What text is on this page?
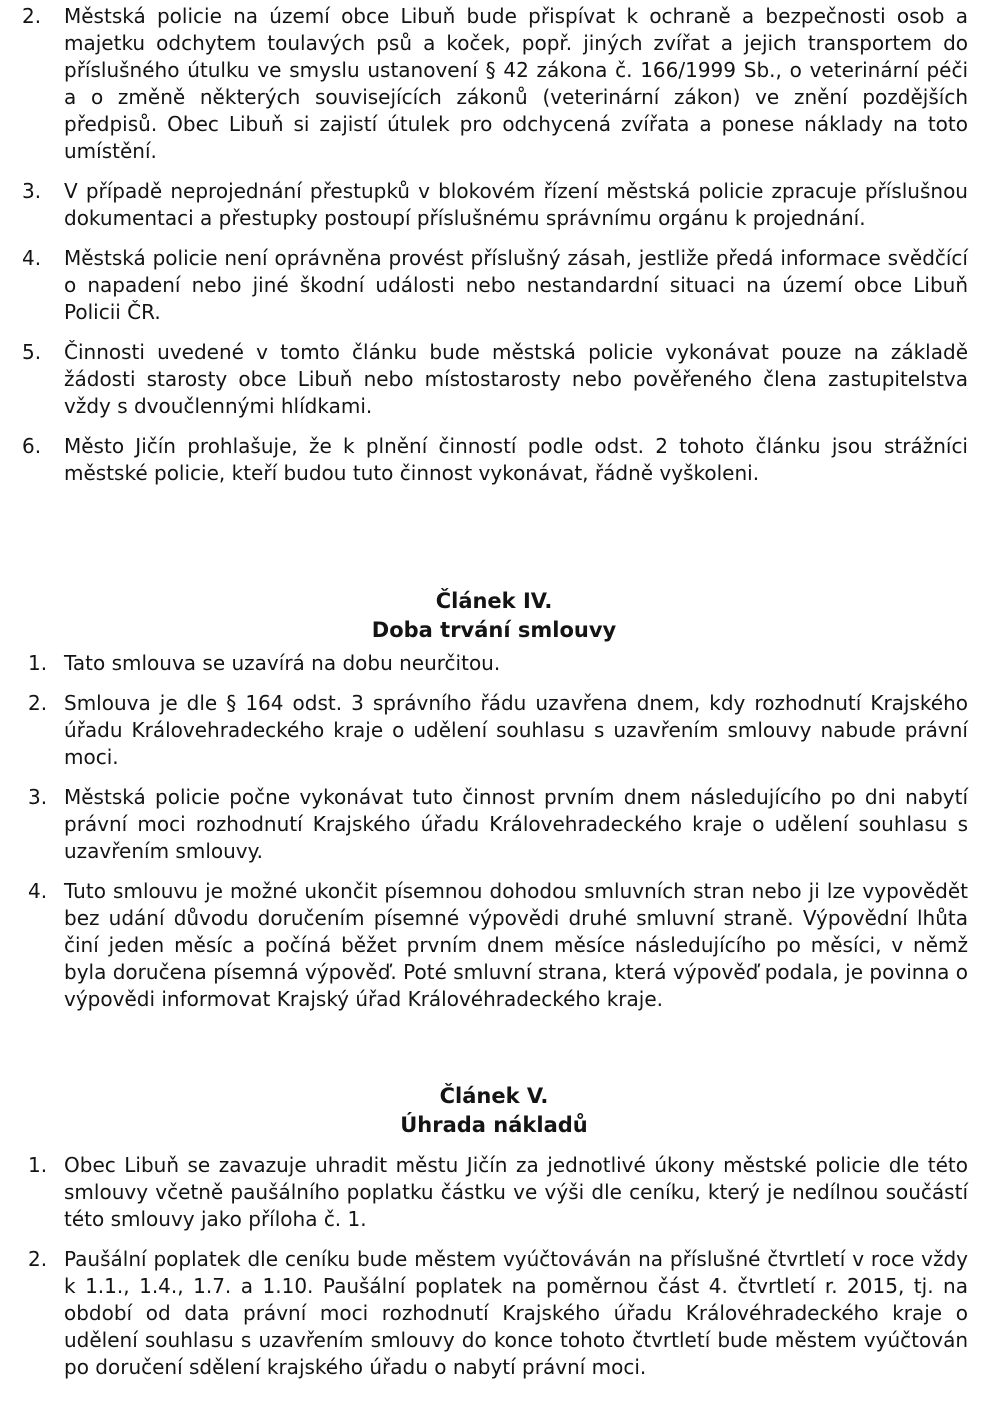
2.	Městská policie na území obce Libuň bude přispívat k ochraně a bezpečnosti osob a majetku odchytem toulavých psů a koček, popř. jiných zvířat a jejich transportem do příslušného útulku ve smyslu ustanovení § 42 zákona č. 166/1999 Sb., o veterinární péči a o změně některých souvisejících zákonů (veterinární zákon) ve znění pozdějších předpisů. Obec Libuň si zajistí útulek pro odchycená zvířata a ponese náklady na toto umístění.
3.	V případě neprojednání přestupků v blokovém řízení městská policie zpracuje příslušnou dokumentaci a přestupky postoupí příslušnému správnímu orgánu k projednání.
4.	Městská policie není oprávněna provést příslušný zásah, jestliže předá informace svědčící o napadení nebo jiné škodní události nebo nestandardní situaci na území obce Libuň Policii ČR.
5.	Činnosti uvedené v tomto článku bude městská policie vykonávat pouze na základě žádosti starosty obce Libuň nebo místostarosty nebo pověřeného člena zastupitelstva vždy s dvoučlennými hlídkami.
6.	Město Jičín prohlašuje, že k plnění činností podle odst. 2 tohoto článku jsou strážníci městské policie, kteří budou tuto činnost vykonávat, řádně vyškoleni.
Článek IV.
Doba trvání smlouvy
1. Tato smlouva se uzavírá na dobu neurčitou.
2. Smlouva je dle § 164 odst. 3 správního řádu uzavřena dnem, kdy rozhodnutí Krajského úřadu Královehradeckého kraje o udělení souhlasu s uzavřením smlouvy nabude právní moci.
3. Městská policie počne vykonávat tuto činnost prvním dnem následujícího po dni nabytí právní moci rozhodnutí Krajského úřadu Královehradeckého kraje o udělení souhlasu s uzavřením smlouvy.
4. Tuto smlouvu je možné ukončit písemnou dohodou smluvních stran nebo ji lze vypovědět bez udání důvodu doručením písemné výpovědi druhé smluvní straně. Výpovědní lhůta činí jeden měsíc a počíná běžet prvním dnem měsíce následujícího po měsíci, v němž byla doručena písemná výpověď. Poté smluvní strana, která výpověď podala, je povinna o výpovědi informovat Krajský úřad Královéhradeckého kraje.
Článek V.
Úhrada nákladů
1. Obec Libuň se zavazuje uhradit městu Jičín za jednotlivé úkony městské policie dle této smlouvy včetně paušálního poplatku částku ve výši dle ceníku, který je nedílnou součástí této smlouvy jako příloha č. 1.
2. Paušální poplatek dle ceníku bude městem vyúčtováván na příslušné čtvrtletí v roce vždy k 1.1., 1.4., 1.7. a 1.10. Paušální poplatek na poměrnou část 4. čtvrtletí r. 2015, tj. na období od data právní moci rozhodnutí Krajského úřadu Královéhradeckého kraje o udělení souhlasu s uzavřením smlouvy do konce tohoto čtvrtletí bude městem vyúčtován po doručení sdělení krajského úřadu o nabytí právní moci.
